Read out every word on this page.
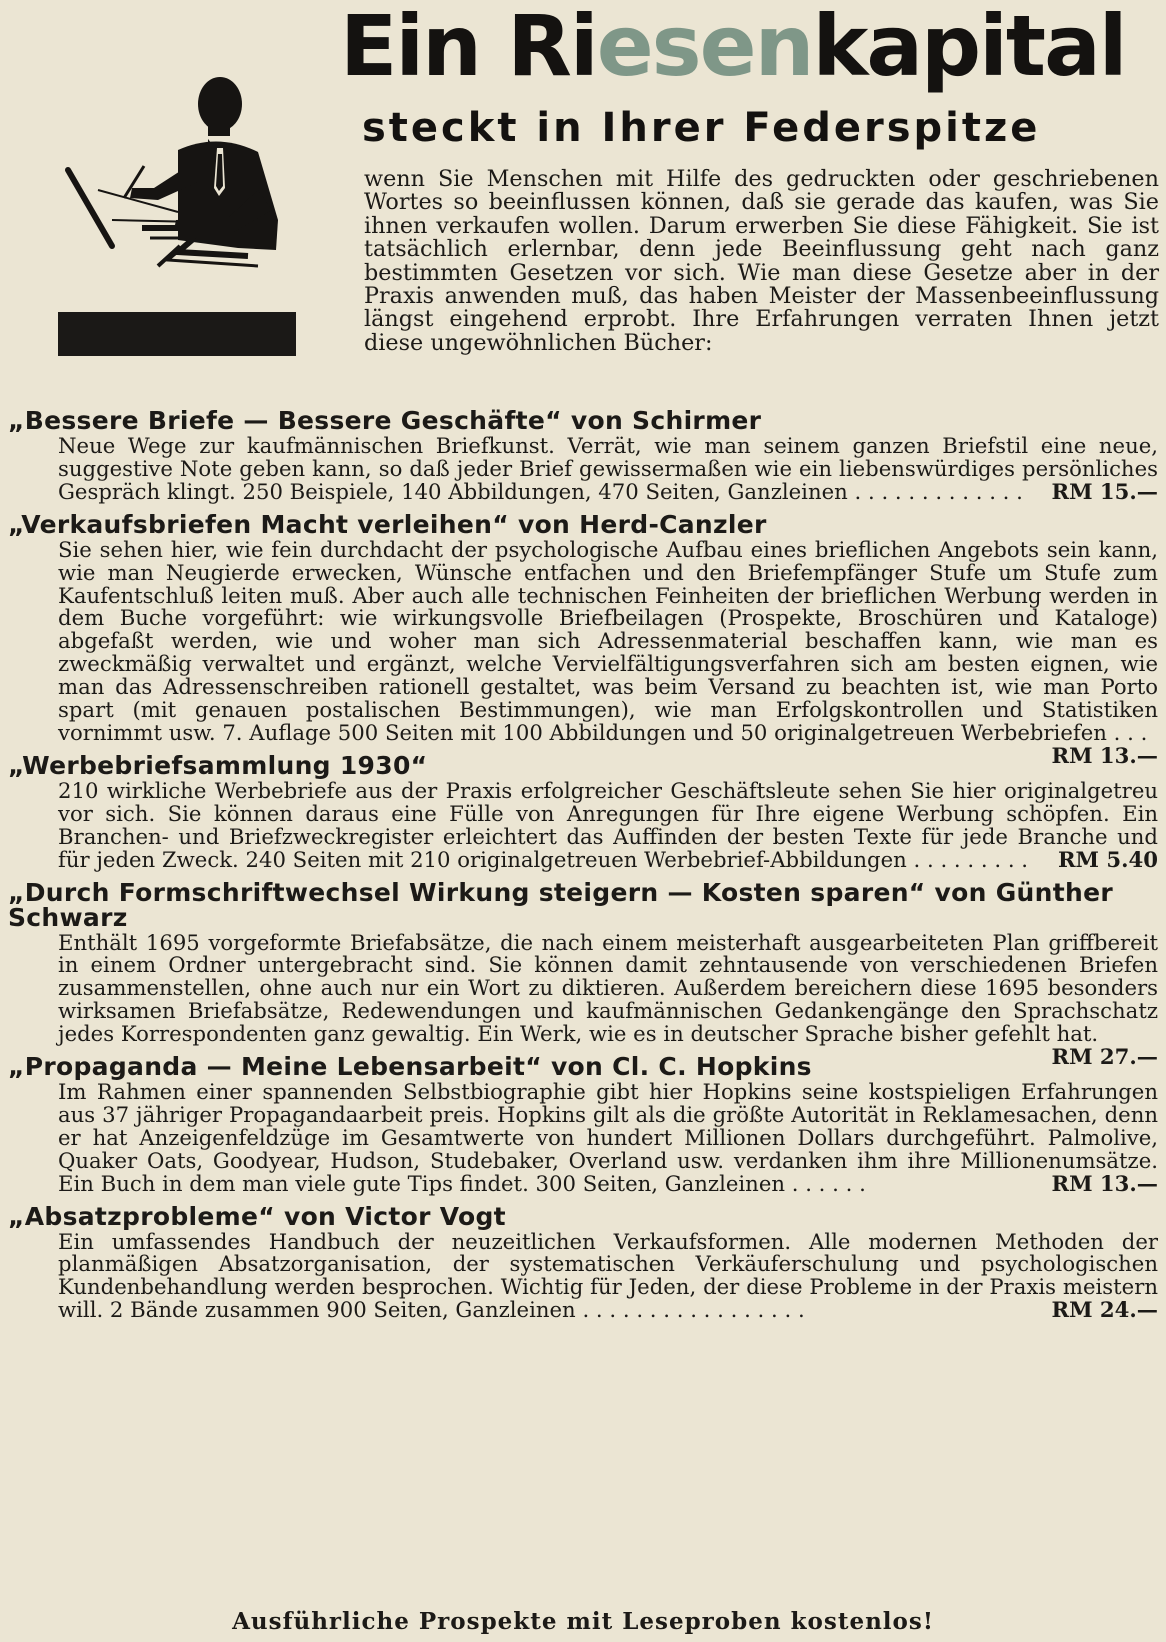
Ein Riesenkapital
steckt in Ihrer Federspitze

wenn Sie Menschen mit Hilfe des gedruckten oder geschriebenen Wortes so beeinflussen können, daß sie gerade das kaufen, was Sie ihnen verkaufen wollen. Darum erwerben Sie diese Fähigkeit. Sie ist tatsächlich erlernbar, denn jede Beeinflussung geht nach ganz bestimmten Gesetzen vor sich. Wie man diese Gesetze aber in der Praxis anwenden muß, das haben Meister der Massenbeeinflussung längst eingehend erprobt. Ihre Erfahrungen verraten Ihnen jetzt diese ungewöhnlichen Bücher:

„Bessere Briefe — Bessere Geschäfte“ von Schirmer

Neue Wege zur kaufmännischen Briefkunst. Verrät, wie man seinem ganzen Briefstil eine neue, suggestive Note geben kann, so daß jeder Brief gewissermaßen wie ein liebenswürdiges persönliches Gespräch klingt. 250 Beispiele, 140 Abbildungen, 470 Seiten, Ganzleinen . . . . . . . . . . . . . RM 15.—

„Verkaufsbriefen Macht verleihen“ von Herd-Canzler

Sie sehen hier, wie fein durchdacht der psychologische Aufbau eines brieflichen Angebots sein kann, wie man Neugierde erwecken, Wünsche entfachen und den Briefempfänger Stufe um Stufe zum Kaufentschluß leiten muß. Aber auch alle technischen Feinheiten der brieflichen Werbung werden in dem Buche vorgeführt: wie wirkungsvolle Briefbeilagen (Prospekte, Broschüren und Kataloge) abgefaßt werden, wie und woher man sich Adressenmaterial beschaffen kann, wie man es zweckmäßig verwaltet und ergänzt, welche Vervielfältigungsverfahren sich am besten eignen, wie man das Adressenschreiben rationell gestaltet, was beim Versand zu beachten ist, wie man Porto spart (mit genauen postalischen Bestimmungen), wie man Erfolgskontrollen und Statistiken vornimmt usw. 7. Auflage 500 Seiten mit 100 Abbildungen und 50 originalgetreuen Werbebriefen . . .
RM 13.—

„Werbebriefsammlung 1930“

210 wirkliche Werbebriefe aus der Praxis erfolgreicher Geschäftsleute sehen Sie hier originalgetreu vor sich. Sie können daraus eine Fülle von Anregungen für Ihre eigene Werbung schöpfen. Ein Branchen- und Briefzweckregister erleichtert das Auffinden der besten Texte für jede Branche und für jeden Zweck. 240 Seiten mit 210 originalgetreuen Werbebrief-Abbildungen . . . . . . . . . RM 5.40

„Durch Formschriftwechsel Wirkung steigern — Kosten sparen“ von Günther Schwarz

Enthält 1695 vorgeformte Briefabsätze, die nach einem meisterhaft ausgearbeiteten Plan griffbereit in einem Ordner untergebracht sind. Sie können damit zehntausende von verschiedenen Briefen zusammenstellen, ohne auch nur ein Wort zu diktieren. Außerdem bereichern diese 1695 besonders wirksamen Briefabsätze, Redewendungen und kaufmännischen Gedankengänge den Sprachschatz jedes Korrespondenten ganz gewaltig. Ein Werk, wie es in deutscher Sprache bisher gefehlt hat.
RM 27.—

„Propaganda — Meine Lebensarbeit“ von Cl. C. Hopkins

Im Rahmen einer spannenden Selbstbiographie gibt hier Hopkins seine kostspieligen Erfahrungen aus 37 jähriger Propagandaarbeit preis. Hopkins gilt als die größte Autorität in Reklamesachen, denn er hat Anzeigenfeldzüge im Gesamtwerte von hundert Millionen Dollars durchgeführt. Palmolive, Quaker Oats, Goodyear, Hudson, Studebaker, Overland usw. verdanken ihm ihre Millionenumsätze. Ein Buch in dem man viele gute Tips findet. 300 Seiten, Ganzleinen . . . . . .	RM 13.—

„Absatzprobleme“ von Victor Vogt

Ein umfassendes Handbuch der neuzeitlichen Verkaufsformen. Alle modernen Methoden der planmäßigen Absatzorganisation, der systematischen Verkäuferschulung und psychologischen Kundenbehandlung werden besprochen. Wichtig für Jeden, der diese Probleme in der Praxis meistern will. 2 Bände zusammen 900 Seiten, Ganzleinen . . . . . . . . . . . . . . . . .	RM 24.—

Ausführliche Prospekte mit Leseproben kostenlos!
